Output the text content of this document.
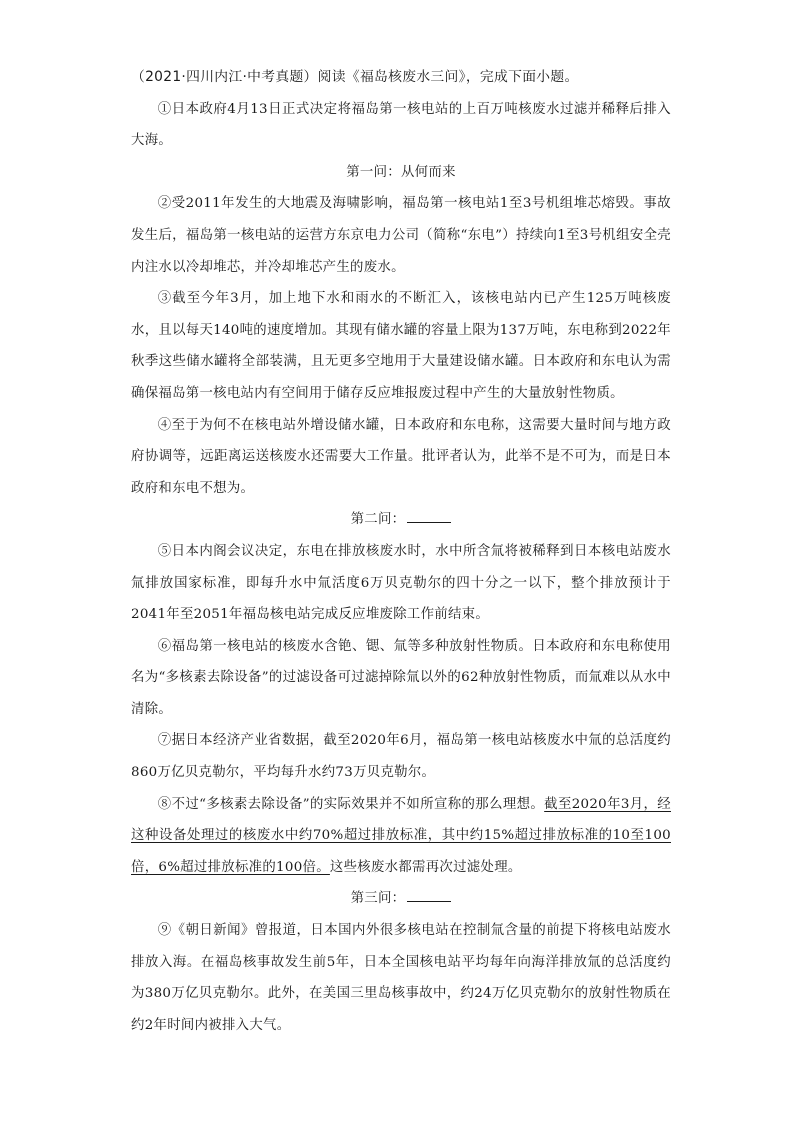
（2021·四川内江·中考真题）阅读《福岛核废水三问》，完成下面小题。

①日本政府4月13日正式决定将福岛第一核电站的上百万吨核废水过滤并稀释后排入大海。

第一问：从何而来

②受2011年发生的大地震及海啸影响，福岛第一核电站1至3号机组堆芯熔毁。事故发生后，福岛第一核电站的运营方东京电力公司（简称“东电”）持续向1至3号机组安全壳内注水以冷却堆芯，并冷却堆芯产生的废水。

③截至今年3月，加上地下水和雨水的不断汇入，该核电站内已产生125万吨核废水，且以每天140吨的速度增加。其现有储水罐的容量上限为137万吨，东电称到2022年秋季这些储水罐将全部装满，且无更多空地用于大量建设储水罐。日本政府和东电认为需确保福岛第一核电站内有空间用于储存反应堆报废过程中产生的大量放射性物质。

④至于为何不在核电站外增设储水罐，日本政府和东电称，这需要大量时间与地方政府协调等，远距离运送核废水还需要大工作量。批评者认为，此举不是不可为，而是日本政府和东电不想为。

第二问：

⑤日本内阁会议决定，东电在排放核废水时，水中所含氚将被稀释到日本核电站废水氚排放国家标准，即每升水中氚活度6万贝克勒尔的四十分之一以下，整个排放预计于2041年至2051年福岛核电站完成反应堆废除工作前结束。

⑥福岛第一核电站的核废水含铯、锶、氚等多种放射性物质。日本政府和东电称使用名为“多核素去除设备”的过滤设备可过滤掉除氚以外的62种放射性物质，而氚难以从水中清除。

⑦据日本经济产业省数据，截至2020年6月，福岛第一核电站核废水中氚的总活度约860万亿贝克勒尔，平均每升水约73万贝克勒尔。

⑧不过“多核素去除设备”的实际效果并不如所宣称的那么理想。截至2020年3月，经这种设备处理过的核废水中约70%超过排放标准，其中约15%超过排放标准的10至100倍，6%超过排放标准的100倍。这些核废水都需再次过滤处理。

第三问：

⑨《朝日新闻》曾报道，日本国内外很多核电站在控制氚含量的前提下将核电站废水排放入海。在福岛核事故发生前5年，日本全国核电站平均每年向海洋排放氚的总活度约为380万亿贝克勒尔。此外，在美国三里岛核事故中，约24万亿贝克勒尔的放射性物质在约2年时间内被排入大气。
